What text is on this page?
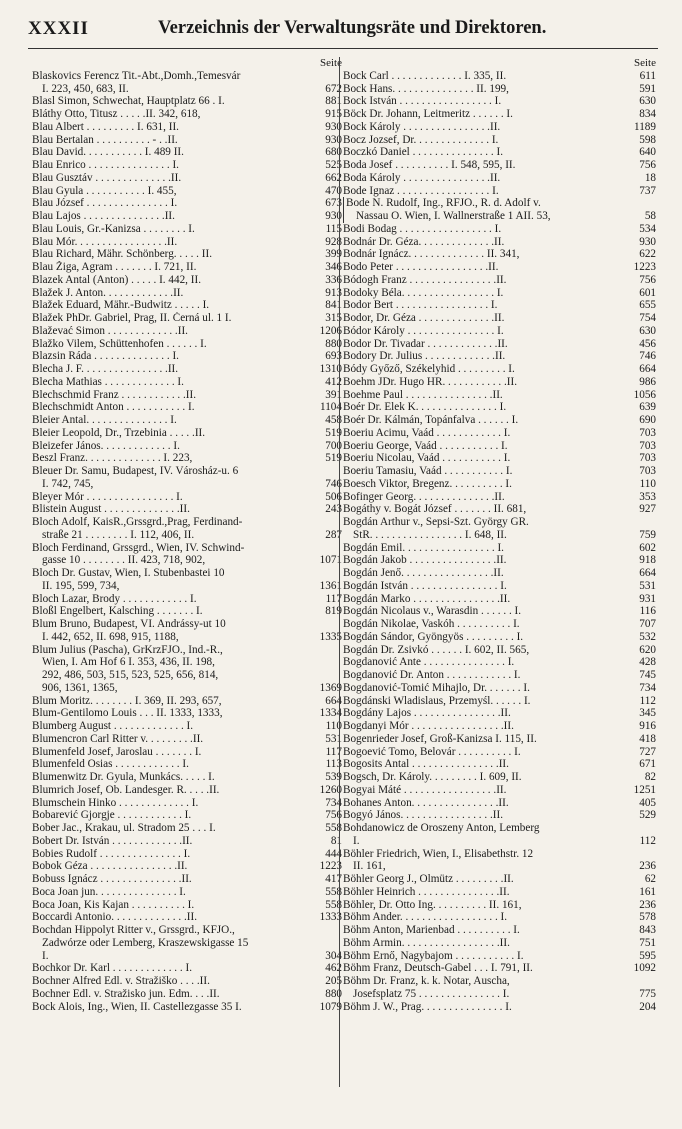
XXXII	Verzeichnis der Verwaltungsräte und Direktoren.
Seite
Blaskovics Ferencz Tit.-Abt.,Domh.,Temesvár
I. 223, 450, 683, II.	672
Blasl Simon, Schwechat, Hauptplatz 66 . I.	881
Bláthy Otto, Titusz . . . . .II. 342, 618,	915
Blau Albert . . . . . . . . . I. 631, II.	930
Blau Bertalan . . . . . . . . . . - . .II.	930
Blau David. . . . . . . . . . . I. 489 II.	680
Blau Enrico . . . . . . . . . . . . . . . I.	525
Blau Gusztáv . . . . . . . . . . . . . .II.	662
Blau Gyula . . . . . . . . . . . I. 455,	470
Blau József . . . . . . . . . . . . . . . I.	673
Blau Lajos . . . . . . . . . . . . . . .II.	930
Blau Louis, Gr.-Kanizsa . . . . . . . . I.	115
Blau Mór. . . . . . . . . . . . . . . . .II.	928
Blau Richard, Mähr. Schönberg. . . . . II.	399
Blau Žiga, Agram . . . . . . . I. 721, II.	346
Blazek Antal (Anton) . . . . . I. 442, II.	336
Blažek J. Anton. . . . . . . . . . . . .II.	913
Blažek Eduard, Mähr.-Budwitz . . . . . I.	841
Blažek PhDr. Gabriel, Prag, II. Černá ul. 1 I.	315
Blaževać Simon . . . . . . . . . . . . .II.	1206
Blažko Vilem, Schüttenhofen . . . . . . I.	880
Blazsin Ráda . . . . . . . . . . . . . . I.	693
Blecha J. F. . . . . . . . . . . . . . . .II.	1310
Blecha Mathias . . . . . . . . . . . . . I.	412
Blechschmid Franz . . . . . . . . . . . .II.	391
Blechschmidt Anton . . . . . . . . . . . I.	1104
Bleier Antal. . . . . . . . . . . . . . . I.	458
Bleier Leopold, Dr., Trzebinia . . . . .II.	519
Bleizefer János. . . . . . . . . . . . . I.	700
Beszl Franz. . . . . . . . . . . . . . I. 223,	519
Bleuer Dr. Samu, Budapest, IV. Városház-u. 6
I. 742, 745,	746
Bleyer Mór . . . . . . . . . . . . . . . . I.	506
Blistein August . . . . . . . . . . . . . .II.	243
Bloch Adolf, KaisR.,Grssgrd.,Prag, Ferdinand-
straße 21 . . . . . . . . I. 112, 406, II.	287
Bloch Ferdinand, Grssgrd., Wien, IV. Schwind-
gasse 10 . . . . . . . . II. 423, 718, 902,	1071
Bloch Dr. Gustav, Wien, I. Stubenbastei 10
II. 195, 599, 734,	1361
Bloch Lazar, Brody . . . . . . . . . . . . I.	117
Bloßl Engelbert, Kalsching . . . . . . . I.	819
Blum Bruno, Budapest, VI. Andrássy-ut 10
I. 442, 652, II. 698, 915, 1188,	1335
Blum Julius (Pascha), GrKrzFJO., Ind.-R.,
Wien, I. Am Hof 6 I. 353, 436, II. 198,
292, 486, 503, 515, 523, 525, 656, 814,
906, 1361, 1365,	1369
Blum Moritz. . . . . . . . I. 369, II. 293, 657,	664
Blum-Gentilomo Louis . . . II. 1333, 1333,	1334
Blumberg August . . . . . . . . . . . . . I.	110
Blumencron Carl Ritter v. . . . . . . . .II.	531
Blumenfeld Josef, Jaroslau . . . . . . . I.	117
Blumenfeld Osias . . . . . . . . . . . . I.	113
Blumenwitz Dr. Gyula, Munkács. . . . . I.	539
Blumrich Josef, Ob. Landesger. R. . . . .II.	1260
Blumschein Hinko . . . . . . . . . . . . . I.	734
Bobarević Gjorgje . . . . . . . . . . . . I.	756
Bober Jac., Krakau, ul. Stradom 25 . . . I.	558
Bobert Dr. István . . . . . . . . . . . . .II.	81
Bobies Rudolf . . . . . . . . . . . . . . . I.	444
Bobok Géza . . . . . . . . . . . . . . . .II.	1223
Bobuss Ignácz . . . . . . . . . . . . . . .II.	417
Boca Joan jun. . . . . . . . . . . . . . . I.	558
Boca Joan, Kis Kajan . . . . . . . . . . I.	558
Boccardi Antonio. . . . . . . . . . . . . .II.	1333
Bochdan Hippolyt Ritter v., Grssgrd., KFJO.,
Zadwórze oder Lemberg, Kraszewskigasse 15
I.	304
Bochkor Dr. Karl . . . . . . . . . . . . . I.	462
Bochner Alfred Edl. v. Stražiško . . . .II.	205
Bochner Edl. v. Stražisko jun. Edm. . . .II.	880
Bock Alois, Ing., Wien, II. Castellezgasse 35 I.	1079
Seite
Bock Carl . . . . . . . . . . . . . I. 335, II.	611
Bock Hans. . . . . . . . . . . . . . . II. 199,	591
Bock István . . . . . . . . . . . . . . . . . I.	630
Böck Dr. Johann, Leitmeritz . . . . . . I.	834
Bock Károly . . . . . . . . . . . . . . . .II.	1189
Bocz Jozsef, Dr. . . . . . . . . . . . . . I.	598
Boczkó Daniel . . . . . . . . . . . . . . . I.	640
Boda Josef . . . . . . . . . . I. 548, 595, II.	756
Boda Károly . . . . . . . . . . . . . . . .II.	18
Bode Ignaz . . . . . . . . . . . . . . . . . I.	737
Bode N. Rudolf, Ing., RFJO., R. d. Adolf v.
Nassau O. Wien, I. Wallnerstraße 1 AII. 53,	58
Bodi Bodag . . . . . . . . . . . . . . . . . I.	534
Bodnár Dr. Géza. . . . . . . . . . . . . .II.	930
Bodnár Ignácz. . . . . . . . . . . . . . II. 341,	622
Bodo Peter . . . . . . . . . . . . . . . . .II.	1223
Bódogh Franz . . . . . . . . . . . . . . . .II.	756
Bodoky Béla. . . . . . . . . . . . . . . . . I.	601
Bodor Bert . . . . . . . . . . . . . . . . . I.	655
Bodor, Dr. Géza . . . . . . . . . . . . . .II.	754
Bódor Károly . . . . . . . . . . . . . . . . I.	630
Bodor Dr. Tivadar . . . . . . . . . . . . .II.	456
Bodory Dr. Julius . . . . . . . . . . . . .II.	746
Bódy Győző, Székelyhid . . . . . . . . . I.	664
Boehm JDr. Hugo HR. . . . . . . . . . . .II.	986
Boehme Paul . . . . . . . . . . . . . . . .II.	1056
Boér Dr. Elek K. . . . . . . . . . . . . . . I.	639
Boér Dr. Kálmán, Topánfalva . . . . . . I.	690
Boeriu Acimu, Vaád . . . . . . . . . . . . I.	703
Boeriu George, Vaád . . . . . . . . . . . I.	703
Boeriu Nicolau, Vaád . . . . . . . . . . . I.	703
Boeriu Tamasiu, Vaád . . . . . . . . . . . I.	703
Boesch Viktor, Bregenz. . . . . . . . . . I.	110
Bofinger Georg. . . . . . . . . . . . . . .II.	353
Bogáthy v. Bogát József . . . . . . . II. 681,	927
Bogdán Arthur v., Sepsi-Szt. György GR.
StR. . . . . . . . . . . . . . . . . I. 648, II.	759
Bogdán Emil. . . . . . . . . . . . . . . . . I.	602
Bogdán Jakob . . . . . . . . . . . . . . . .II.	918
Bogdán Jenő. . . . . . . . . . . . . . . . .II.	664
Bogdán István . . . . . . . . . . . . . . . . I.	531
Bogdán Marko . . . . . . . . . . . . . . . .II.	931
Bogdán Nicolaus v., Warasdin . . . . . . I.	116
Bogdán Nikolae, Vaskóh . . . . . . . . . . I.	707
Bogdán Sándor, Gyöngyös . . . . . . . . . I.	532
Bogdán Dr. Zsivkó . . . . . . I. 602, II. 565,	620
Bogdanović Ante . . . . . . . . . . . . . . . I.	428
Bogdanović Dr. Anton . . . . . . . . . . . . I.	745
Bogdanović-Tomić Mihajlo, Dr. . . . . . . I.	734
Bogdánski Wladislaus, Przemyśl. . . . . . I.	112
Bogdány Lajos . . . . . . . . . . . . . . . .II.	345
Bogdanyi Mór . . . . . . . . . . . . . . . . .II.	916
Bogenrieder Josef, Groß-Kanizsa I. 115, II.	418
Bogoević Tomo, Belovár . . . . . . . . . . I.	727
Bogosits Antal . . . . . . . . . . . . . . . .II.	671
Bogsch, Dr. Károly. . . . . . . . . I. 609, II.	82
Bogyai Máté . . . . . . . . . . . . . . . . .II.	1251
Bohanes Anton. . . . . . . . . . . . . . . .II.	405
Bogyó János. . . . . . . . . . . . . . . . .II.	529
Bohdanowicz de Oroszeny Anton, Lemberg
I.	112
Böhler Friedrich, Wien, I., Elisabethstr. 12
II. 161,	236
Böhler Georg J., Olmütz . . . . . . . . .II.	62
Böhler Heinrich . . . . . . . . . . . . . . .II.	161
Böhler, Dr. Otto Ing. . . . . . . . . . II. 161,	236
Böhm Ander. . . . . . . . . . . . . . . . . . I.	578
Böhm Anton, Marienbad . . . . . . . . . . I.	843
Böhm Armin. . . . . . . . . . . . . . . . . .II.	751
Böhm Ernő, Nagybajom . . . . . . . . . . . I.	595
Böhm Franz, Deutsch-Gabel . . . I. 791, II.	1092
Böhm Dr. Franz, k. k. Notar, Auscha,
Josefsplatz 75 . . . . . . . . . . . . . . . I.	775
Böhm J. W., Prag. . . . . . . . . . . . . . . I.	204
